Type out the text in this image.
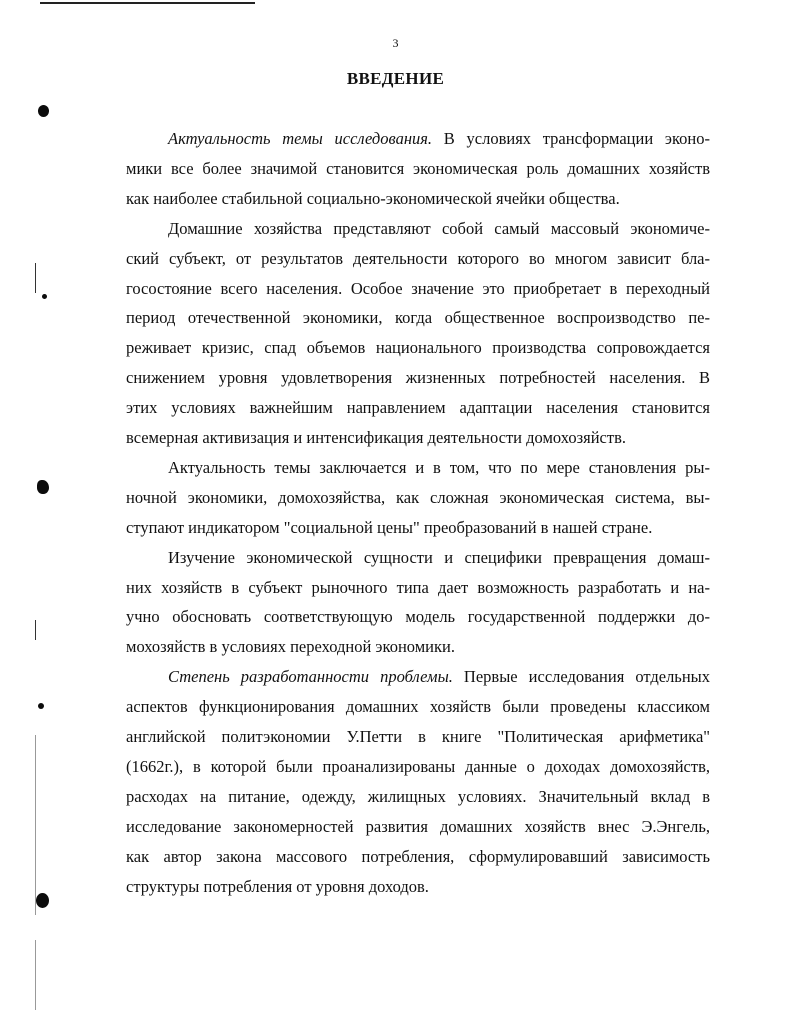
3
ВВЕДЕНИЕ
Актуальность темы исследования. В условиях трансформации эконо-
мики все более значимой становится экономическая роль домашних хозяйств
как наиболее стабильной социально-экономической ячейки общества.
Домашние хозяйства представляют собой самый массовый экономиче-
ский субъект, от результатов деятельности которого во многом зависит бла-
госостояние всего населения. Особое значение это приобретает в переходный
период отечественной экономики, когда общественное воспроизводство пе-
реживает кризис, спад объемов национального производства сопровождается
снижением уровня удовлетворения жизненных потребностей населения. В
этих условиях важнейшим направлением адаптации населения становится
всемерная активизация и интенсификация деятельности домохозяйств.
Актуальность темы заключается и в том, что по мере становления ры-
ночной экономики, домохозяйства, как сложная экономическая система, вы-
ступают индикатором "социальной цены" преобразований в нашей стране.
Изучение экономической сущности и специфики превращения домаш-
них хозяйств в субъект рыночного типа дает возможность разработать и на-
учно обосновать соответствующую модель государственной поддержки до-
мохозяйств в условиях переходной экономики.
Степень разработанности проблемы. Первые исследования отдельных
аспектов функционирования домашних хозяйств были проведены классиком
английской политэкономии У.Петти в книге "Политическая арифметика"
(1662г.), в которой были проанализированы данные о доходах домохозяйств,
расходах на питание, одежду, жилищных условиях. Значительный вклад в
исследование закономерностей развития домашних хозяйств внес Э.Энгель,
как автор закона массового потребления, сформулировавший зависимость
структуры потребления от уровня доходов.
